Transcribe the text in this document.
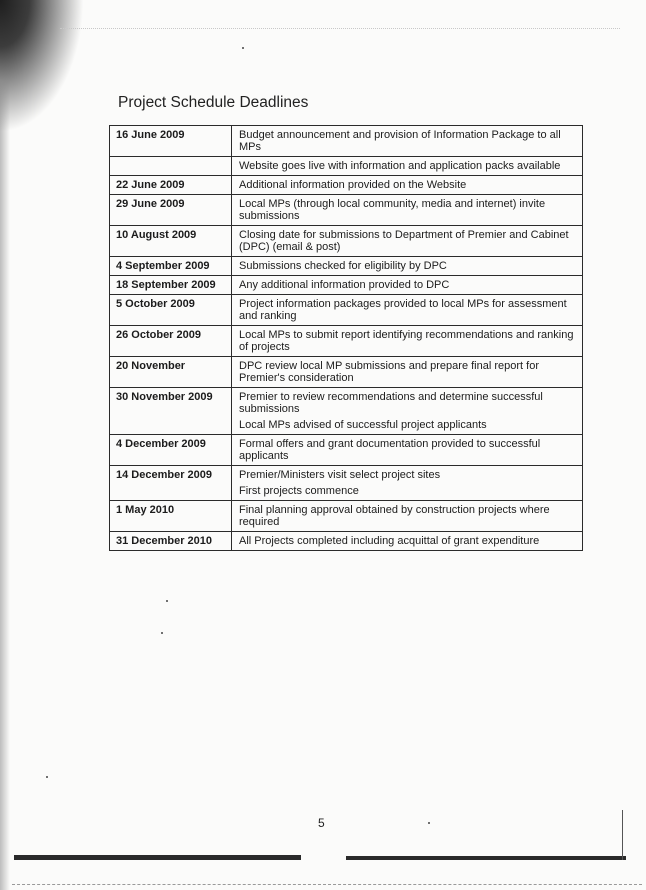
Project Schedule Deadlines
16 June 2009	Budget announcement and provision of Information Package to all MPs

	Website goes live with information and application packs available

22 June 2009	Additional information provided on the Website

29 June 2009	Local MPs (through local community, media and internet) invite submissions

10 August 2009	Closing date for submissions to Department of Premier and Cabinet (DPC) (email & post)

4 September 2009	Submissions checked for eligibility by DPC

18 September 2009	Any additional information provided to DPC

5 October 2009	Project information packages provided to local MPs for assessment and ranking

26 October 2009	Local MPs to submit report identifying recommendations and ranking of projects

20 November	DPC review local MP submissions and prepare final report for Premier's consideration

30 November 2009	Premier to review recommendations and determine successful submissions
Local MPs advised of successful project applicants

4 December 2009	Formal offers and grant documentation provided to successful applicants

14 December 2009	Premier/Ministers visit select project sites
First projects commence

1 May 2010	Final planning approval obtained by construction projects where required

31 December 2010	All Projects completed including acquittal of grant expenditure
5
